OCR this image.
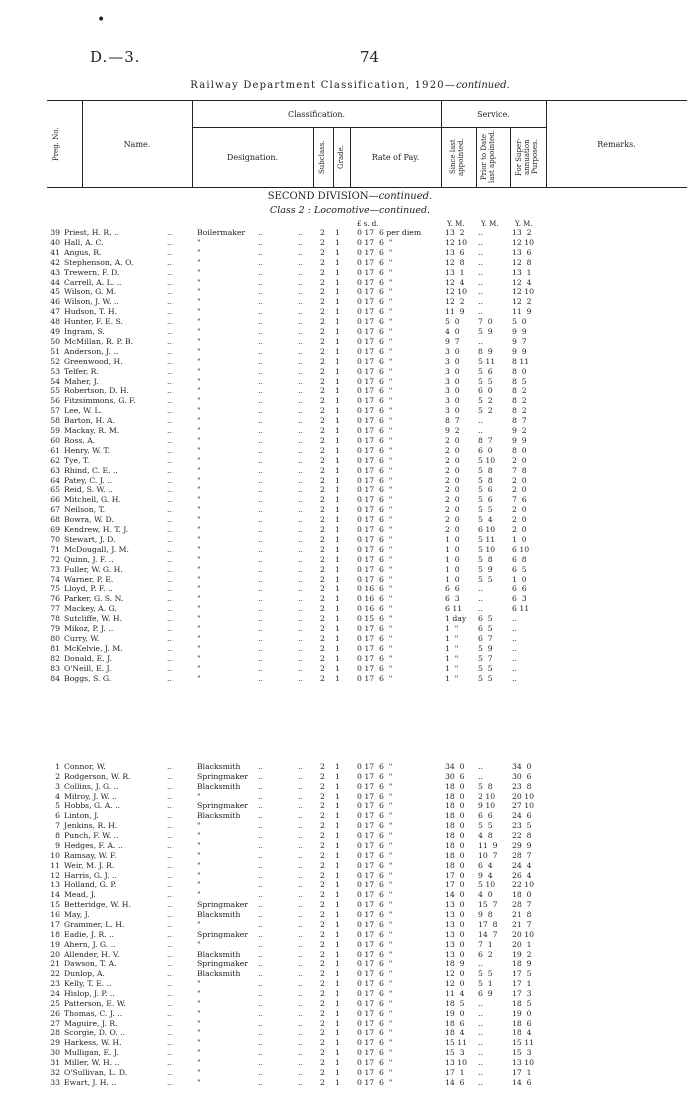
•
D.—3.	74
Railway Department Classification, 1920—continued.
Preg. No.	Name.
Classification.
Designation.	Subclass. Grade.	Rate of Pay.
Service.
Since last appointed.	Prior to Date last appointed.	For Super-annuation Purposes.	Remarks.
SECOND DIVISION—continued.
Class 2 : Locomotive—continued.
£ s. d.	Y. M. Y. M. Y. M.
39 Priest, H. R. ..	..	Boilermaker ..	.. 2 1 0 17  6 per diem	13  2	..	13  2
40 Hall, A. C.	..	"	..	.. 2 1 0 17  6  "	12 10	..	12 10
41 Angus, R.	..	"	..	.. 2 1 0 17  6  "	13  6	..	13  6
42 Stephenson, A. O.	..	"	..	.. 2 1 0 17  6  "	12  8	..	12  8
43 Trewern, F. D.	..	"	..	.. 2 1 0 17  6  "	13  1	..	13  1
44 Carrell, A. L. ..	..	"	..	.. 2 1 0 17  6  "	12  4	..	12  4
45 Wilson, G. M.	..	"	..	.. 2 1 0 17  6  "	12 10	..	12 10
46 Wilson, J. W. ..	..	"	..	.. 2 1 0 17  6  "	12  2	..	12  2
47 Hudson, T. H.	..	"	..	.. 2 1 0 17  6  "	11  9	..	11  9
48 Hunter, F. E. S.	..	"	..	.. 2 1 0 17  6  "	5  0	7  0	5  0
49 Ingram, S.	..	"	..	.. 2 1 0 17  6  "	4  0	5  9	9  9
50 McMillan, R. P. B.	..	"	..	.. 2 1 0 17  6  "	9  7	..	9  7
51 Anderson, J. ..	..	"	..	.. 2 1 0 17  6  "	3  0	8  9	9  9
52 Greenwood, H.	..	"	..	.. 2 1 0 17  6  "	3  0	5 11	8 11
53 Telfer, R.	..	"	..	.. 2 1 0 17  6  "	3  0	5  6	8  0
54 Maher, J.	..	"	..	.. 2 1 0 17  6  "	3  0	5  5	8  5
55 Robertson, D. H.	..	"	..	.. 2 1 0 17  6  "	3  0	6  0	8  2
56 Fitzsimmons, G. F.	..	"	..	.. 2 1 0 17  6  "	3  0	5  2	8  2
57 Lee, W. L.	..	"	..	.. 2 1 0 17  6  "	3  0	5  2	8  2
58 Barton, H. A.	..	"	..	.. 2 1 0 17  6  "	8  7	..	8  7
59 Mackay, R. M.	..	"	..	.. 2 1 0 17  6  "	9  2	..	9  2
60 Ross, A.	..	"	..	.. 2 1 0 17  6  "	2  0	8  7	9  9
61 Henry, W. T.	..	"	..	.. 2 1 0 17  6  "	2  0	6  0	8  0
62 Tye, T.	..	"	..	.. 2 1 0 17  6  "	2  0	5 10	2  0
63 Rhind, C. E. ..	..	"	..	.. 2 1 0 17  6  "	2  0	5  8	7  8
64 Patey, C. J. ..	..	"	..	.. 2 1 0 17  6  "	2  0	5  8	2  0
65 Reid, S. W. ..	..	"	..	.. 2 1 0 17  6  "	2  0	5  6	2  0
66 Mitchell, G. H.	..	"	..	.. 2 1 0 17  6  "	2  0	5  6	7  6
67 Neilson, T.	..	"	..	.. 2 1 0 17  6  "	2  0	5  5	2  0
68 Bowra, W. D.	..	"	..	.. 2 1 0 17  6  "	2  0	5  4	2  0
69 Kendrew, H. T. J.	..	"	..	.. 2 1 0 17  6  "	2  0	6 10	2  0
70 Stewart, J. D.	..	"	..	.. 2 1 0 17  6  "	1  0	5 11	1  0
71 McDougall, J. M.	..	"	..	.. 2 1 0 17  6  "	1  0	5 10	6 10
72 Quinn, J. F. ..	..	"	..	.. 2 1 0 17  6  "	1  0	5  8	6  8
73 Fuller, W. G. H.	..	"	..	.. 2 1 0 17  6  "	1  0	5  9	6  5
74 Warner, P. E.	..	"	..	.. 2 1 0 17  6  "	1  0	5  5	1  0
75 Lloyd, P. F. ..	..	"	..	.. 2 1 0 16  6  "	6  6	..	6  6
76 Parker, G. S. N.	..	"	..	.. 2 1 0 16  6  "	6  3	..	6  3
77 Mackey, A. G.	..	"	..	.. 2 1 0 16  6  "	6 11	..	6 11
78 Sutcliffe, W. H.	..	"	..	.. 2 1 0 15  6  "	1 day	6  5	..
79 Mikoz, P. J. ..	..	"	..	.. 2 1 0 17  6  "	1  "	6  5	..
80 Curry, W.	..	"	..	.. 2 1 0 17  6  "	1  "	6  7	..
81 McKelvie, J. M.	..	"	..	.. 2 1 0 17  6  "	1  "	5  9	..
82 Donald, E. J.	..	"	..	.. 2 1 0 17  6  "	1  "	5  7	..
83 O'Neill, E. J.	..	"	..	.. 2 1 0 17  6  "	1  "	5  5	..
84 Boggs, S. G.	..	"	..	.. 2 1 0 17  6  "	1  "	5  5	..
1 Connor, W.	..	Blacksmith ..	.. 2 1 0 17  6  "	34  0	..	34  0
2 Rodgerson, W. R.	..	Springmaker ..	.. 2 1 0 17  6  "	30  6	..	30  6
3 Collins, J. G. ..	..	Blacksmith ..	.. 2 1 0 17  6  "	18  0	5  8	23  8
4 Milroy, J. W. ..	..	"	..	.. 2 1 0 17  6  "	18  0	2 10	20 10
5 Hobbs, G. A. ..	..	Springmaker ..	.. 2 1 0 17  6  "	18  0	9 10	27 10
6 Linton, J.	..	Blacksmith ..	.. 2 1 0 17  6  "	18  0	6  6	24  6
7 Jenkins, R. H.	..	"	..	.. 2 1 0 17  6  "	18  0	5  5	23  5
8 Punch, F. W. ..	..	"	..	.. 2 1 0 17  6  "	18  0	4  8	22  8
9 Hedges, F. A. ..	..	"	..	.. 2 1 0 17  6  "	18  0	11  9	29  9
10 Ramsay, W. F.	..	"	..	.. 2 1 0 17  6  "	18  0	10  7	28  7
11 Weir, M. J. R.	..	"	..	.. 2 1 0 17  6  "	18  0	6  4	24  4
12 Harris, G. J. ..	..	"	..	.. 2 1 0 17  6  "	17  0	9  4	26  4
13 Holland, G. P.	..	"	..	.. 2 1 0 17  6  "	17  0	5 10	22 10
14 Mead, J.	..	"	..	.. 2 1 0 17  6  "	14  0	4  0	18  0
15 Betteridge, W. H.	..	Springmaker ..	.. 2 1 0 17  6  "	13  0	15  7	28  7
16 May, J.	..	Blacksmith ..	.. 2 1 0 17  6  "	13  0	9  8	21  8
17 Grammer, L. H.	..	"	..	.. 2 1 0 17  6  "	13  0	17  8	21  7
18 Eadie, J. R. ..	..	Springmaker ..	.. 2 1 0 17  6  "	13  0	14  7	20 10
19 Ahern, J. G. ..	..	"	..	.. 2 1 0 17  6  "	13  0	7  1	20  1
20 Allender, H. V.	..	Blacksmith ..	.. 2 1 0 17  6  "	13  0	6  2	19  2
21 Dawson, T. A.	..	Springmaker ..	.. 2 1 0 17  6  "	18  9	..	18  9
22 Dunlop, A.	..	Blacksmith ..	.. 2 1 0 17  6  "	12  0	5  5	17  5
23 Kelly, T. E. ..	..	"	..	.. 2 1 0 17  6  "	12  0	5  1	17  1
24 Hislop, J. P. ..	..	"	..	.. 2 1 0 17  6  "	11  4	6  9	17  3
25 Patterson, E. W.	..	"	..	.. 2 1 0 17  6  "	18  5	..	18  5
26 Thomas, C. J. ..	..	"	..	.. 2 1 0 17  6  "	19  0	..	19  0
27 Maguire, J. R.	..	"	..	.. 2 1 0 17  6  "	18  6	..	18  6
28 Scorgie, D. O. ..	..	"	..	.. 2 1 0 17  6  "	18  4	..	18  4
29 Harkess, W. H.	..	"	..	.. 2 1 0 17  6  "	15 11	..	15 11
30 Mulligan, E. J.	..	"	..	.. 2 1 0 17  6  "	15  3	..	15  3
31 Miller, W. H. ..	..	"	..	.. 2 1 0 17  6  "	13 10	..	13 10
32 O'Sullivan, L. D.	..	"	..	.. 2 1 0 17  6  "	17  1	..	17  1
33 Ewart, J. H. ..	..	"	..	.. 2 1 0 17  6  "	14  6	..	14  6
